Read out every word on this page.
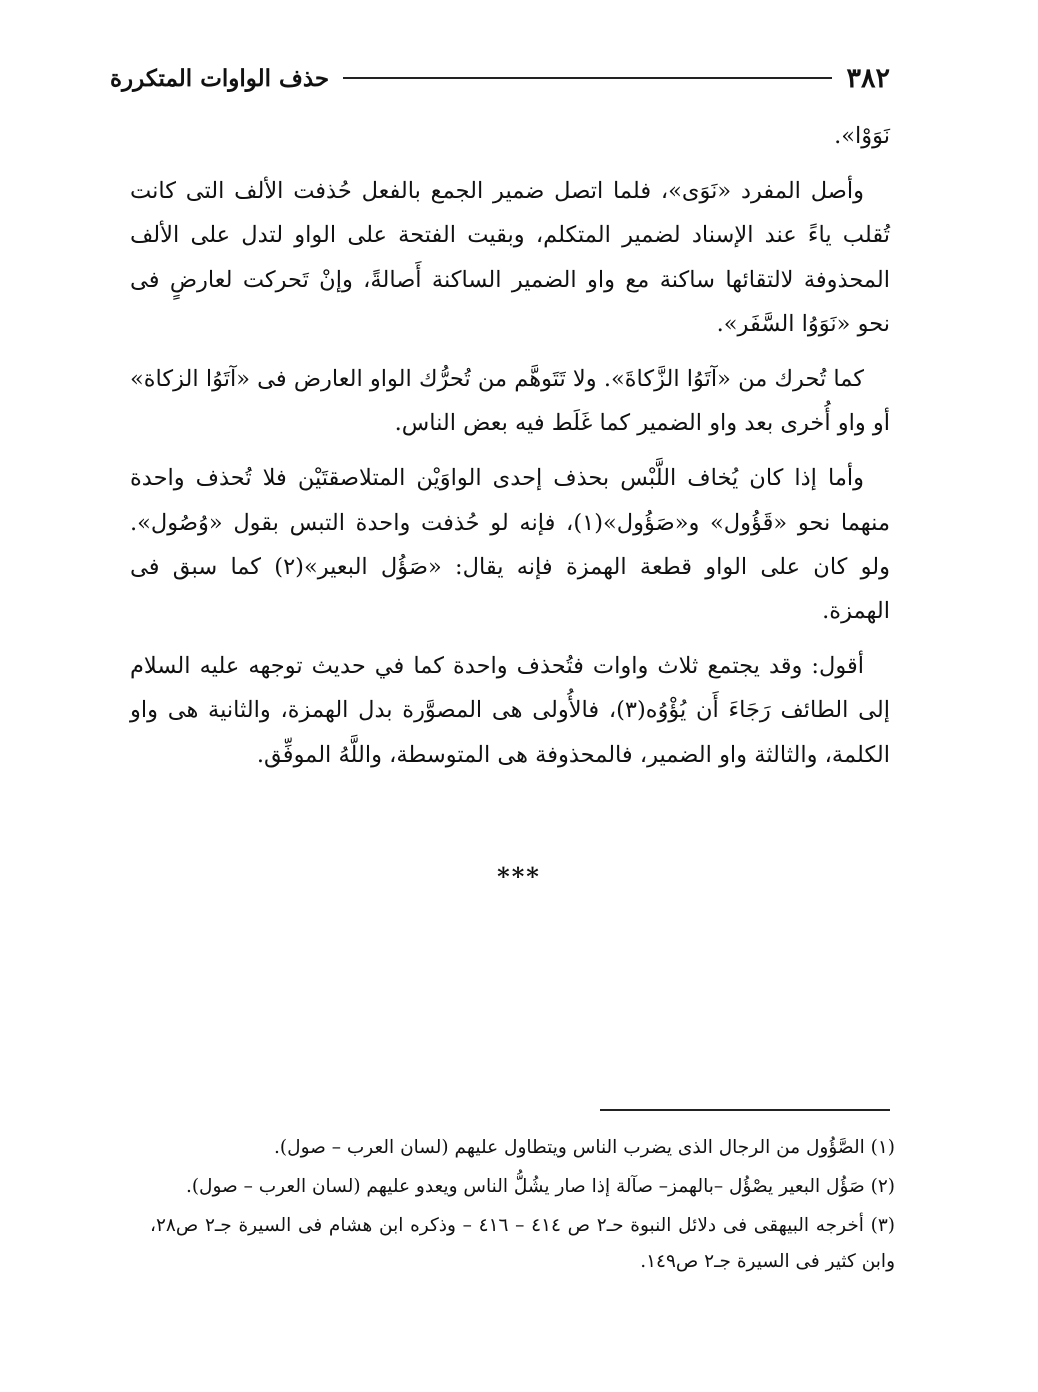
٣٨٢
حذف الواوات المتكررة

نَوَوْا».

وأصل المفرد «نَوَى»، فلما اتصل ضمير الجمع بالفعل حُذفت الألف التى كانت تُقلب ياءً عند الإسناد لضمير المتكلم، وبقيت الفتحة على الواو لتدل على الألف المحذوفة لالتقائها ساكنة مع واو الضمير الساكنة أَصالةً، وإنْ تَحركت لعارضٍ فى نحو «نَوَوُا السَّفَر».

كما تُحرك من «آتَوُا الزَّكاةَ». ولا تَتَوهَّم من تُحرُّك الواو العارض فى «آتَوُا الزكاة» أو واو أُخرى بعد واو الضمير كما غَلَط فيه بعض الناس.

وأما إذا كان يُخاف اللَّبْس بحذف إحدى الواوَيْن المتلاصقتَيْن فلا تُحذف واحدة منهما نحو «قَؤُول» و«صَؤُول»(١)، فإنه لو حُذفت واحدة التبس بقول «وُصُول». ولو كان على الواو قطعة الهمزة فإنه يقال: «صَؤُل البعير»(٢) كما سبق فى الهمزة.

أقول: وقد يجتمع ثلاث واوات فتُحذف واحدة كما في حديث توجهه عليه السلام إلى الطائف رَجَاءَ أَن يُؤْوُه(٣)، فالأُولى هى المصوَّرة بدل الهمزة، والثانية هى واو الكلمة، والثالثة واو الضمير، فالمحذوفة هى المتوسطة، واللَّهُ الموفِّق.

***

(١) الصَّؤُول من الرجال الذى يضرب الناس ويتطاول عليهم (لسان العرب – صول).

(٢) صَؤُل البعير يصْؤُل –بالهمز– صآلة إذا صار يشُلُّ الناس ويعدو عليهم (لسان العرب – صول).

(٣) أخرجه البيهقى فى دلائل النبوة حـ٢ ص ٤١٤ – ٤١٦ – وذكره ابن هشام فى السيرة جـ٢ ص٢٨، وابن كثير فى السيرة جـ٢ ص١٤٩.
